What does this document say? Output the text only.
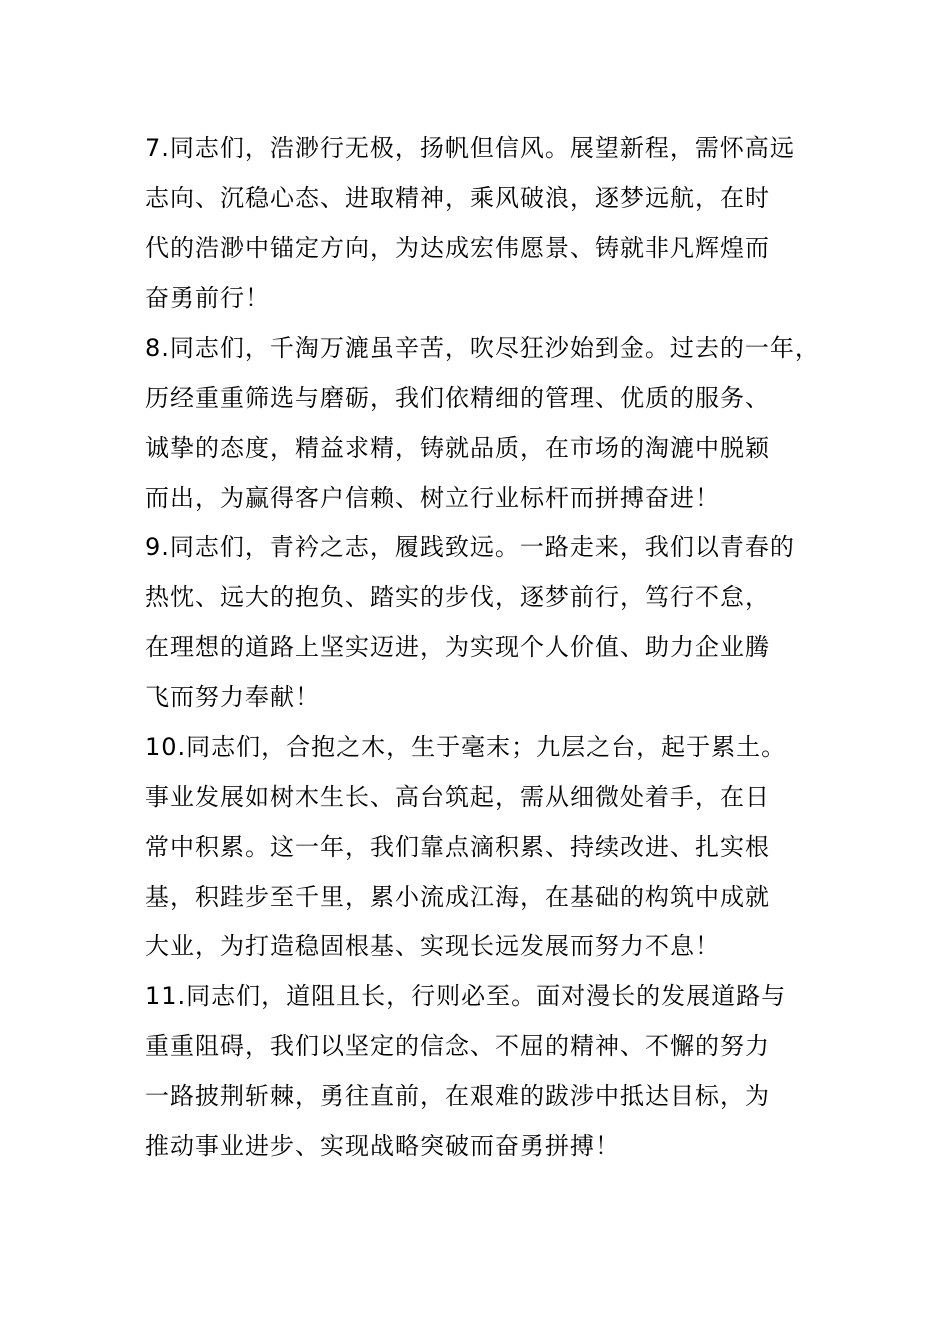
7.同志们，浩渺行无极，扬帆但信风。展望新程，需怀高远

志向、沉稳心态、进取精神，乘风破浪，逐梦远航，在时

代的浩渺中锚定方向，为达成宏伟愿景、铸就非凡辉煌而

奋勇前行！

8.同志们，千淘万漉虽辛苦，吹尽狂沙始到金。过去的一年，

历经重重筛选与磨砺，我们依精细的管理、优质的服务、

诚挚的态度，精益求精，铸就品质，在市场的淘漉中脱颖

而出，为赢得客户信赖、树立行业标杆而拼搏奋进！

9.同志们，青衿之志，履践致远。一路走来，我们以青春的

热忱、远大的抱负、踏实的步伐，逐梦前行，笃行不怠，

在理想的道路上坚实迈进，为实现个人价值、助力企业腾

飞而努力奉献！

10.同志们，合抱之木，生于毫末；九层之台，起于累土。

事业发展如树木生长、高台筑起，需从细微处着手，在日

常中积累。这一年，我们靠点滴积累、持续改进、扎实根

基，积跬步至千里，累小流成江海，在基础的构筑中成就

大业，为打造稳固根基、实现长远发展而努力不息！

11.同志们，道阻且长，行则必至。面对漫长的发展道路与

重重阻碍，我们以坚定的信念、不屈的精神、不懈的努力

一路披荆斩棘，勇往直前，在艰难的跋涉中抵达目标，为

推动事业进步、实现战略突破而奋勇拼搏！
